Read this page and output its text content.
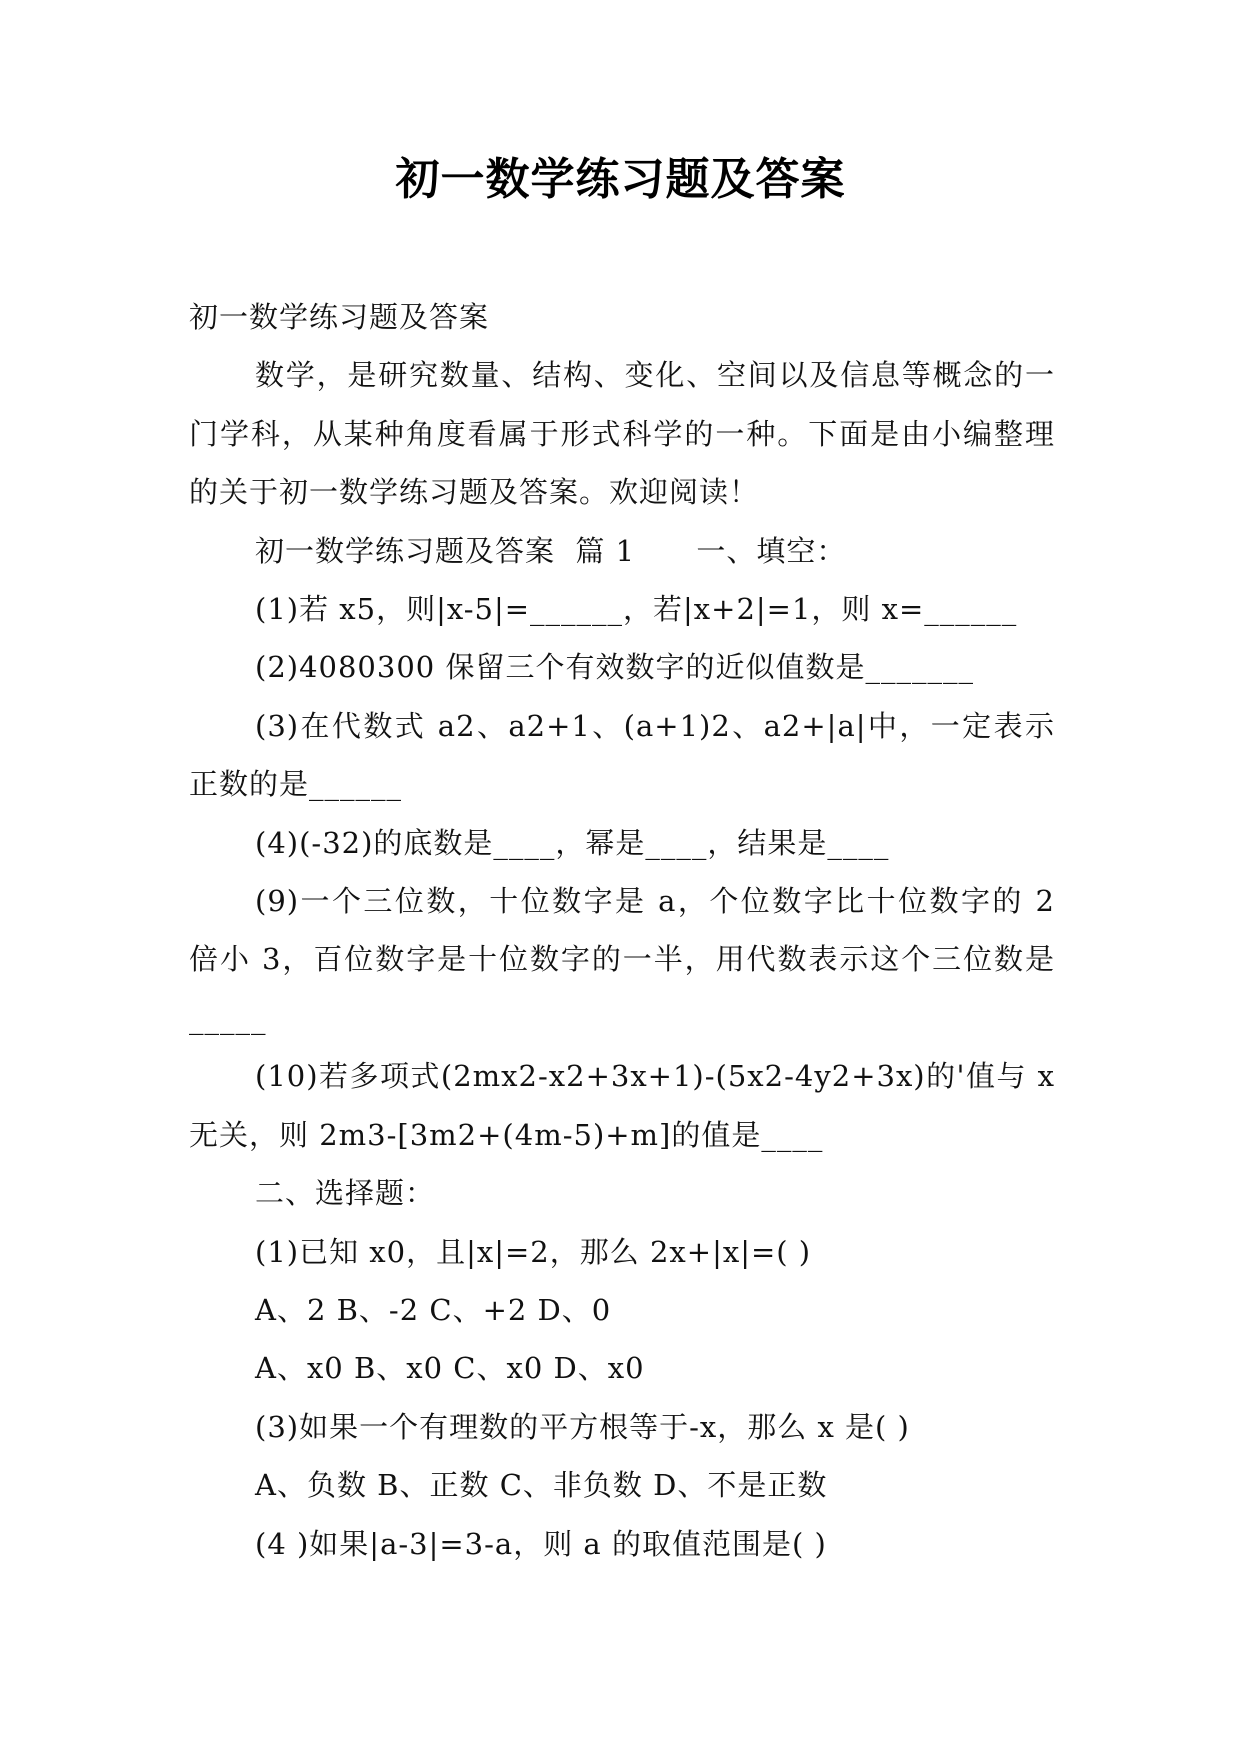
初一数学练习题及答案

初一数学练习题及答案

数学，是研究数量、结构、变化、空间以及信息等概念的一门学科，从某种角度看属于形式科学的一种。下面是由小编整理的关于初一数学练习题及答案。欢迎阅读！

初一数学练习题及答案  篇 1      一、填空：

(1)若 x5，则|x-5|=______，若|x+2|=1，则 x=______

(2)4080300 保留三个有效数字的近似值数是_______

(3)在代数式 a2、a2+1、(a+1)2、a2+|a|中，一定表示正数的是______

(4)(-32)的底数是____，幂是____，结果是____

(9)一个三位数，十位数字是 a，个位数字比十位数字的 2 倍小 3，百位数字是十位数字的一半，用代数表示这个三位数是_____

(10)若多项式(2mx2-x2+3x+1)-(5x2-4y2+3x)的'值与 x 无关，则 2m3-[3m2+(4m-5)+m]的值是____

二、选择题：

(1)已知 x0，且|x|=2，那么 2x+|x|=( )

A、2 B、-2 C、+2 D、0

A、x0 B、x0 C、x0 D、x0

(3)如果一个有理数的平方根等于-x，那么 x 是( )

A、负数 B、正数 C、非负数 D、不是正数

(4 )如果|a-3|=3-a，则 a 的取值范围是( )
